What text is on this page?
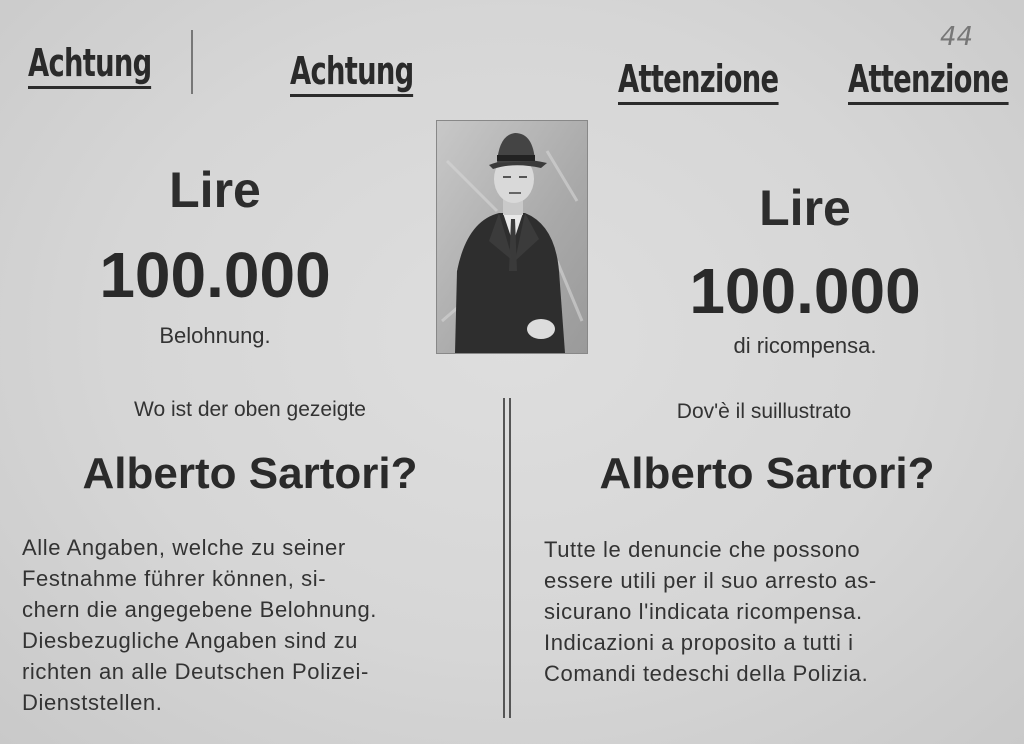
44
Achtung	Achtung	Attenzione Attenzione
Lire
100.000
Belohnung.
Lire
100.000
di ricompensa.
Wo ist der oben gezeigte
Alberto Sartori?
Alle Angaben, welche zu seiner
Festnahme führer können, si-
chern die angegebene Belohnung.
Diesbezugliche Angaben sind zu
richten an alle Deutschen Polizei-
Dienststellen.
Dov'è il suillustrato
Alberto Sartori?
Tutte le denuncie che possono
essere utili per il suo arresto as-
sicurano l'indicata ricompensa.
Indicazioni a proposito a tutti i
Comandi tedeschi della Polizia.
